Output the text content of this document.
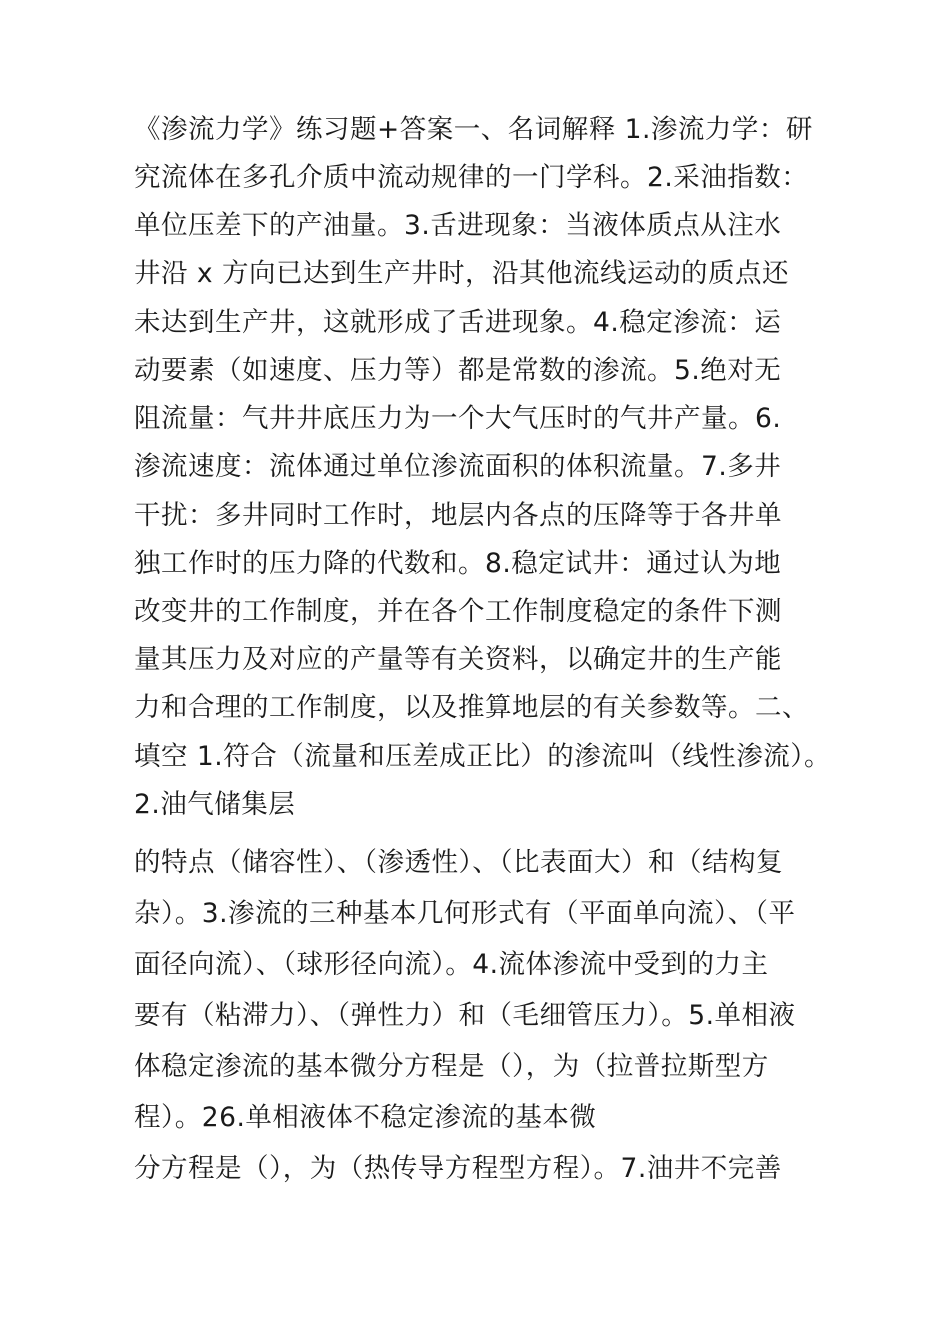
《渗流力学》练习题+答案一、名词解释 1.渗流力学：研
究流体在多孔介质中流动规律的一门学科。2.采油指数：
单位压差下的产油量。3.舌进现象：当液体质点从注水
井沿 x 方向已达到生产井时，沿其他流线运动的质点还
未达到生产井，这就形成了舌进现象。4.稳定渗流：运
动要素（如速度、压力等）都是常数的渗流。5.绝对无
阻流量：气井井底压力为一个大气压时的气井产量。6.
渗流速度：流体通过单位渗流面积的体积流量。7.多井
干扰：多井同时工作时，地层内各点的压降等于各井单
独工作时的压力降的代数和。8.稳定试井：通过认为地
改变井的工作制度，并在各个工作制度稳定的条件下测
量其压力及对应的产量等有关资料，以确定井的生产能
力和合理的工作制度，以及推算地层的有关参数等。二、
填空 1.符合（流量和压差成正比）的渗流叫（线性渗流）。
2.油气储集层
的特点（储容性）、（渗透性）、（比表面大）和（结构复
杂）。3.渗流的三种基本几何形式有（平面单向流）、（平
面径向流）、（球形径向流）。4.流体渗流中受到的力主
要有（粘滞力）、（弹性力）和（毛细管压力）。5.单相液
体稳定渗流的基本微分方程是（），为（拉普拉斯型方
程）。26.单相液体不稳定渗流的基本微
分方程是（），为（热传导方程型方程）。7.油井不完善
